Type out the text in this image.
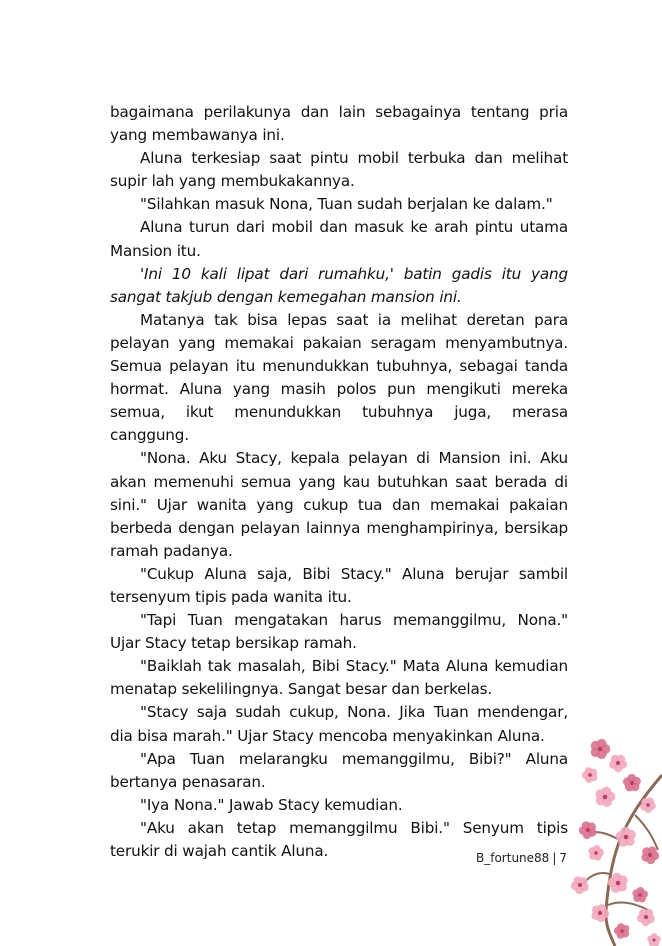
bagaimana perilakunya dan lain sebagainya tentang pria yang membawanya ini.

Aluna terkesiap saat pintu mobil terbuka dan melihat supir lah yang membukakannya.

"Silahkan masuk Nona, Tuan sudah berjalan ke dalam."

Aluna turun dari mobil dan masuk ke arah pintu utama Mansion itu.

'Ini 10 kali lipat dari rumahku,' batin gadis itu yang sangat takjub dengan kemegahan mansion ini.

Matanya tak bisa lepas saat ia melihat deretan para pelayan yang memakai pakaian seragam menyambutnya. Semua pelayan itu menundukkan tubuhnya, sebagai tanda hormat. Aluna yang masih polos pun mengikuti mereka semua, ikut menundukkan tubuhnya juga, merasa canggung.

"Nona. Aku Stacy, kepala pelayan di Mansion ini. Aku akan memenuhi semua yang kau butuhkan saat berada di sini." Ujar wanita yang cukup tua dan memakai pakaian berbeda dengan pelayan lainnya menghampirinya, bersikap ramah padanya.

"Cukup Aluna saja, Bibi Stacy." Aluna berujar sambil tersenyum tipis pada wanita itu.

"Tapi Tuan mengatakan harus memanggilmu, Nona." Ujar Stacy tetap bersikap ramah.

"Baiklah tak masalah, Bibi Stacy." Mata Aluna kemudian menatap sekelilingnya. Sangat besar dan berkelas.

"Stacy saja sudah cukup, Nona. Jika Tuan mendengar, dia bisa marah." Ujar Stacy mencoba menyakinkan Aluna.

"Apa Tuan melarangku memanggilmu, Bibi?" Aluna bertanya penasaran.

"Iya Nona." Jawab Stacy kemudian.

"Aku akan tetap memanggilmu Bibi." Senyum tipis terukir di wajah cantik Aluna.	B_fortune88 | 7
